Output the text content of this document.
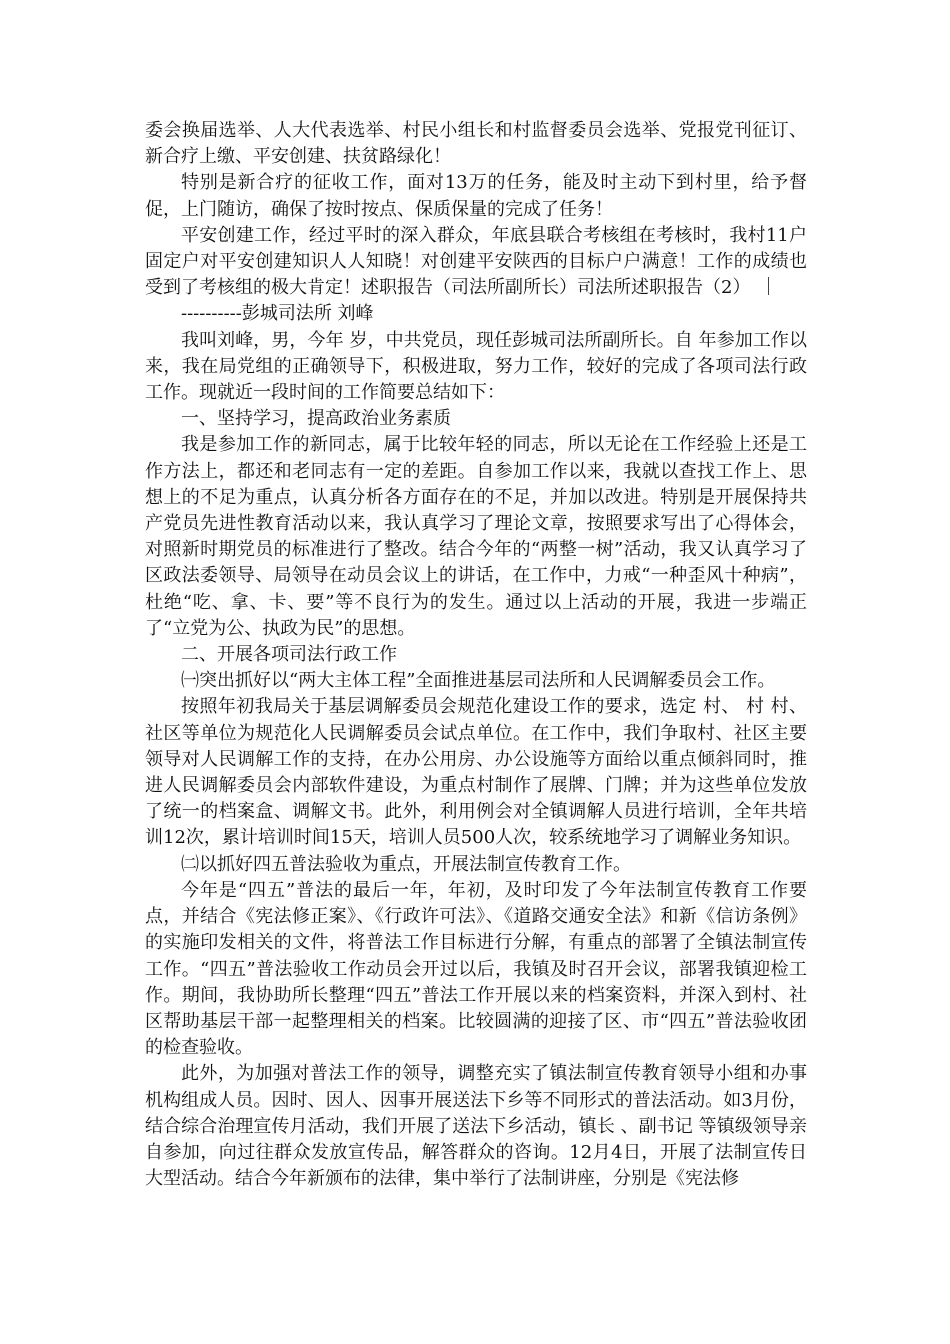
委会换届选举、人大代表选举、村民小组长和村监督委员会选举、党报党刊征订、新合疗上缴、平安创建、扶贫路绿化！

特别是新合疗的征收工作，面对13万的任务，能及时主动下到村里，给予督促，上门随访，确保了按时按点、保质保量的完成了任务！

平安创建工作，经过平时的深入群众，年底县联合考核组在考核时，我村11户固定户对平安创建知识人人知晓！对创建平安陕西的目标户户满意！工作的成绩也受到了考核组的极大肯定！述职报告（司法所副所长）司法所述职报告（2）

----------彭城司法所 刘峰

我叫刘峰，男，今年 岁，中共党员，现任彭城司法所副所长。自 年参加工作以来，我在局党组的正确领导下，积极进取，努力工作，较好的完成了各项司法行政工作。现就近一段时间的工作简要总结如下：

一、坚持学习，提高政治业务素质

我是参加工作的新同志，属于比较年轻的同志，所以无论在工作经验上还是工作方法上，都还和老同志有一定的差距。自参加工作以来，我就以查找工作上、思想上的不足为重点，认真分析各方面存在的不足，并加以改进。特别是开展保持共产党员先进性教育活动以来，我认真学习了理论文章，按照要求写出了心得体会，对照新时期党员的标准进行了整改。结合今年的“两整一树”活动，我又认真学习了区政法委领导、局领导在动员会议上的讲话，在工作中，力戒“一种歪风十种病”，杜绝“吃、拿、卡、要”等不良行为的发生。通过以上活动的开展，我进一步端正了“立党为公、执政为民”的思想。

二、开展各项司法行政工作

㈠突出抓好以“两大主体工程”全面推进基层司法所和人民调解委员会工作。

按照年初我局关于基层调解委员会规范化建设工作的要求，选定 村、 村 村、 社区等单位为规范化人民调解委员会试点单位。在工作中，我们争取村、社区主要领导对人民调解工作的支持，在办公用房、办公设施等方面给以重点倾斜同时，推进人民调解委员会内部软件建设，为重点村制作了展牌、门牌；并为这些单位发放了统一的档案盒、调解文书。此外，利用例会对全镇调解人员进行培训，全年共培训12次，累计培训时间15天，培训人员500人次，较系统地学习了调解业务知识。

㈡以抓好四五普法验收为重点，开展法制宣传教育工作。

今年是“四五”普法的最后一年，年初，及时印发了今年法制宣传教育工作要点，并结合《宪法修正案》、《行政许可法》、《道路交通安全法》和新《信访条例》的实施印发相关的文件，将普法工作目标进行分解，有重点的部署了全镇法制宣传工作。“四五”普法验收工作动员会开过以后，我镇及时召开会议，部署我镇迎检工作。期间，我协助所长整理“四五”普法工作开展以来的档案资料，并深入到村、社区帮助基层干部一起整理相关的档案。比较圆满的迎接了区、市“四五”普法验收团的检查验收。

此外，为加强对普法工作的领导，调整充实了镇法制宣传教育领导小组和办事机构组成人员。因时、因人、因事开展送法下乡等不同形式的普法活动。如3月份，结合综合治理宣传月活动，我们开展了送法下乡活动，镇长 、副书记 等镇级领导亲自参加，向过往群众发放宣传品，解答群众的咨询。12月4日，开展了法制宣传日大型活动。结合今年新颁布的法律，集中举行了法制讲座，分别是《宪法修
